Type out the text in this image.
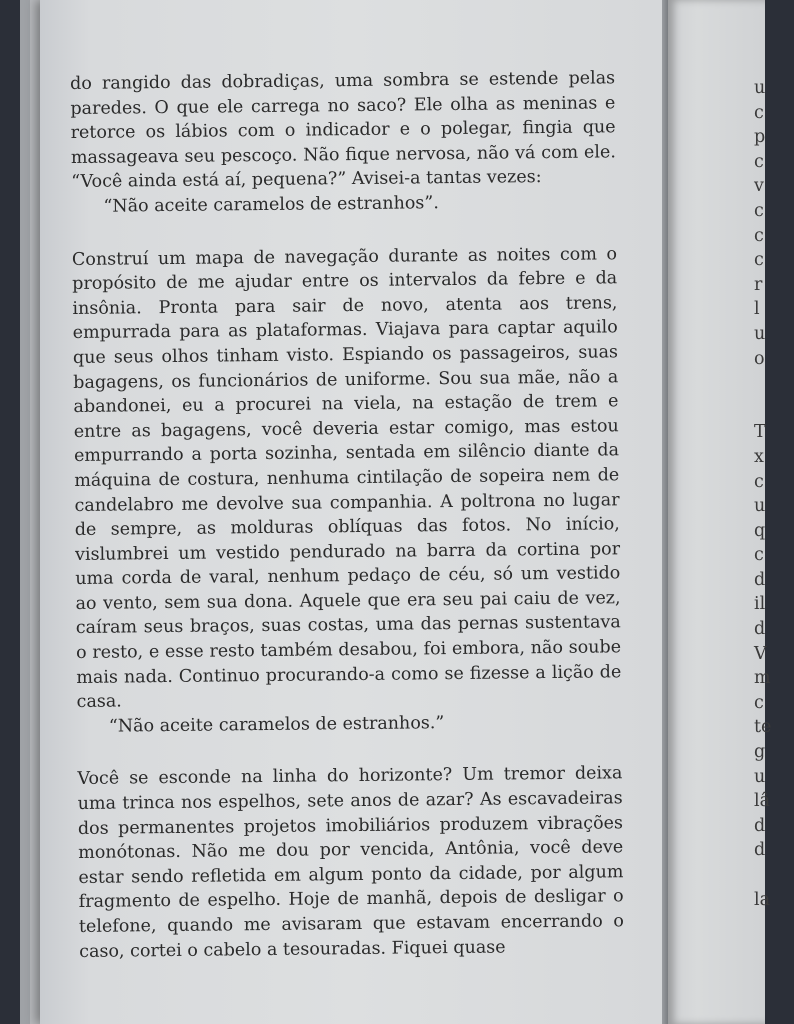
do rangido das dobradiças, uma sombra se estende pelas paredes. O que ele carrega no saco? Ele olha as meninas e retorce os lábios com o indicador e o polegar, fingia que massageava seu pescoço. Não fique nervosa, não vá com ele. “Você ainda está aí, pequena?” Avisei-a tantas vezes:

“Não aceite caramelos de estranhos”.

Construí um mapa de navegação durante as noites com o propósito de me ajudar entre os intervalos da febre e da insônia. Pronta para sair de novo, atenta aos trens, empurrada para as plataformas. Viajava para captar aquilo que seus olhos tinham visto. Espiando os passageiros, suas bagagens, os funcionários de uniforme. Sou sua mãe, não a abandonei, eu a procurei na viela, na estação de trem e entre as bagagens, você deveria estar comigo, mas estou empurrando a porta sozinha, sentada em silêncio diante da máquina de costura, nenhuma cintilação de sopeira nem de candelabro me devolve sua companhia. A poltrona no lugar de sempre, as molduras oblíquas das fotos. No início, vislumbrei um vestido pendurado na barra da cortina por uma corda de varal, nenhum pedaço de céu, só um vestido ao vento, sem sua dona. Aquele que era seu pai caiu de vez, caíram seus braços, suas costas, uma das pernas sustentava o resto, e esse resto também desabou, foi embora, não soube mais nada. Continuo procurando-a como se fizesse a lição de casa.

“Não aceite caramelos de estranhos.”

Você se esconde na linha do horizonte? Um tremor deixa uma trinca nos espelhos, sete anos de azar? As escavadeiras dos permanentes projetos imobiliários produzem vibrações monótonas. Não me dou por vencida, Antônia, você deve estar sendo refletida em algum ponto da cidade, por algum fragmento de espelho. Hoje de manhã, depois de desligar o telefone, quando me avisaram que estavam encerrando o caso, cortei o cabelo a tesouradas. Fiquei quase

u
c
p
c
v
c
c
c
r
l
u
o

T
x
c
u
q
c
d
il
d
V
m
c
te
g
u
lâ
d
d

la
